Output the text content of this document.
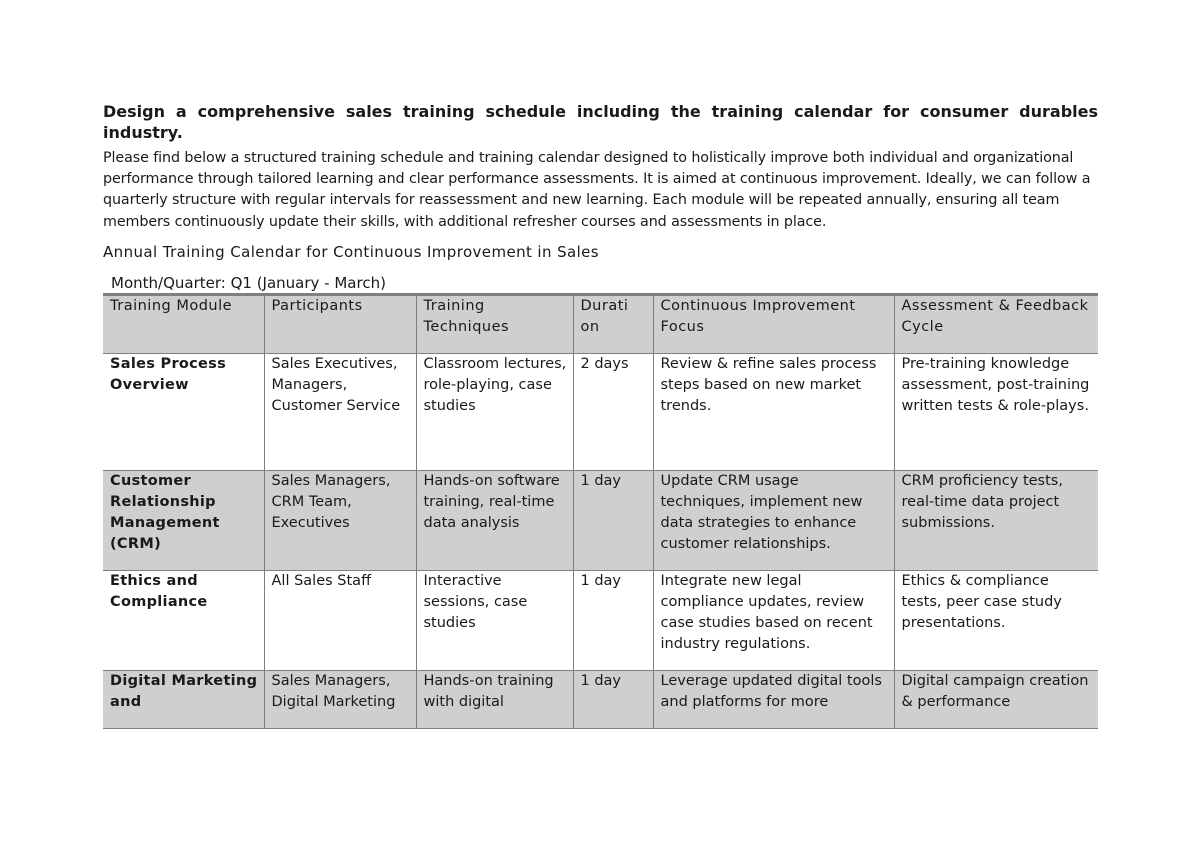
Design a comprehensive sales training schedule including the training calendar for consumer durables industry.

Please find below a structured training schedule and training calendar designed to holistically improve both individual and organizational performance through tailored learning and clear performance assessments. It is aimed at continuous improvement. Ideally, we can follow a quarterly structure with regular intervals for reassessment and new learning. Each module will be repeated annually, ensuring all team members continuously update their skills, with additional refresher courses and assessments in place.

Annual Training Calendar for Continuous Improvement in Sales

Month/Quarter: Q1 (January - March)

Training Module	Participants	Training Techniques	Durati on	Continuous Improvement Focus	Assessment & Feedback Cycle
Sales Process Overview	Sales Executives, Managers, Customer Service	Classroom lectures, role-playing, case studies	2 days	Review & refine sales process steps based on new market trends.	Pre-training knowledge assessment, post-training written tests & role-plays.
Customer Relationship Management (CRM)	Sales Managers, CRM Team, Executives	Hands-on software training, real-time data analysis	1 day	Update CRM usage techniques, implement new data strategies to enhance customer relationships.	CRM proficiency tests, real-time data project submissions.
Ethics and Compliance	All Sales Staff	Interactive sessions, case studies	1 day	Integrate new legal compliance updates, review case studies based on recent industry regulations.	Ethics & compliance tests, peer case study presentations.
Digital Marketing and	Sales Managers, Digital Marketing	Hands-on training with digital	1 day	Leverage updated digital tools and platforms for more	Digital campaign creation & performance
